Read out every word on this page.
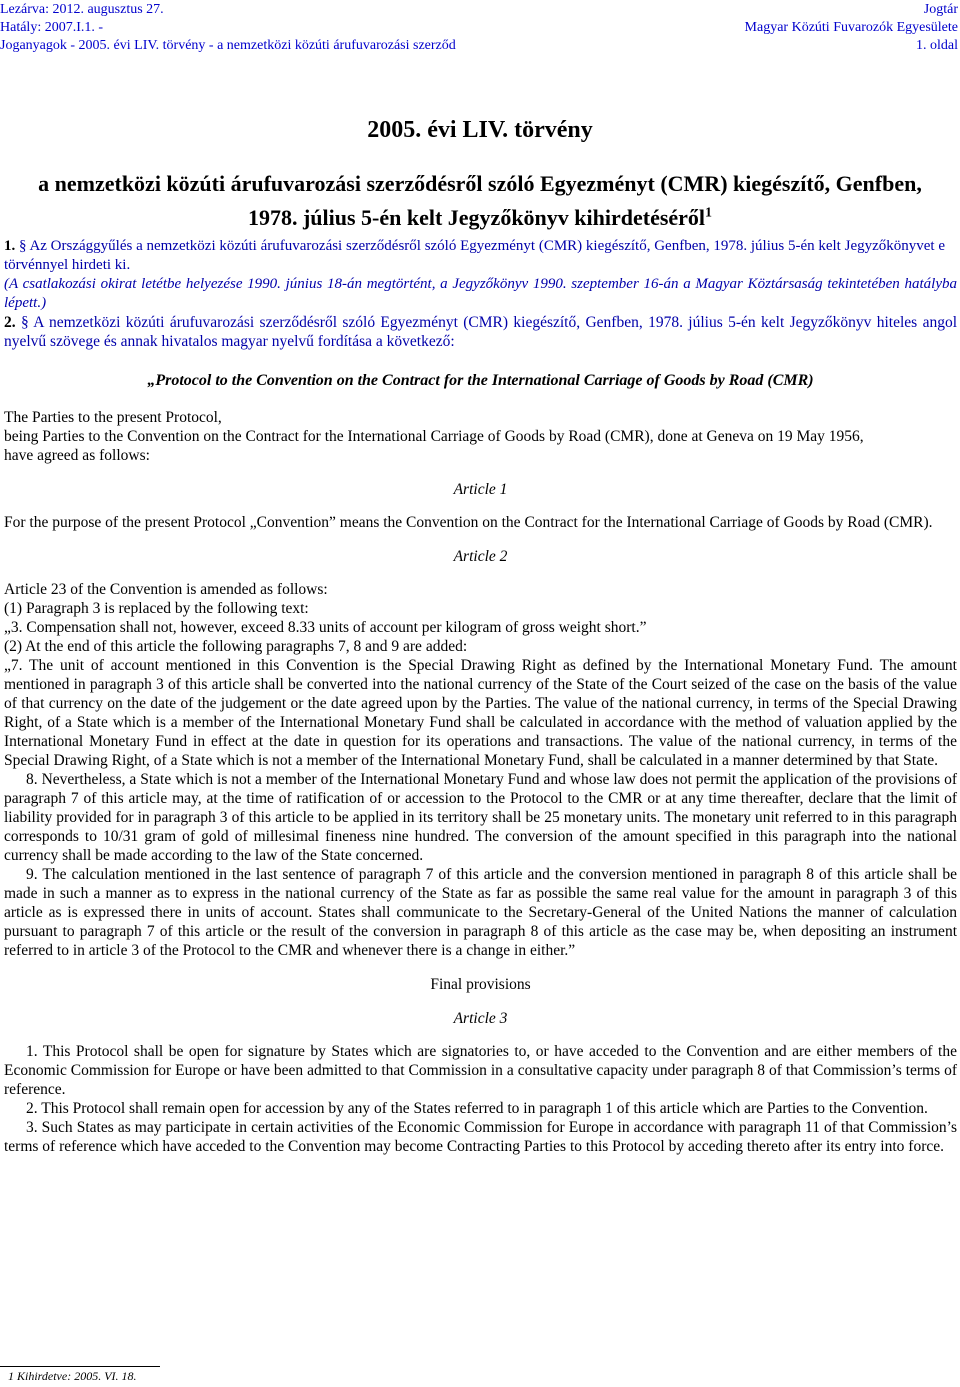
Lezárva: 2012. augusztus 27.
Hatály: 2007.I.1. -
Joganyagok - 2005. évi LIV. törvény - a nemzetközi közúti árufuvarozási szerződ
Jogtár
Magyar Közúti Fuvarozók Egyesülete
1. oldal
2005. évi LIV. törvény
a nemzetközi közúti árufuvarozási szerződésről szóló Egyezményt (CMR) kiegészítő, Genfben,
1978. július 5-én kelt Jegyzőkönyv kihirdetéséről$^1$

1. § Az Országgyűlés a nemzetközi közúti árufuvarozási szerződésről szóló Egyezményt (CMR) kiegészítő, Genfben, 1978. július 5-én kelt Jegyzőkönyvet e törvénnyel hirdeti ki.

(A csatlakozási okirat letétbe helyezése 1990. június 18-án megtörtént, a Jegyzőkönyv 1990. szeptember 16-án a Magyar Köztársaság tekintetében hatályba lépett.)

2. § A nemzetközi közúti árufuvarozási szerződésről szóló Egyezményt (CMR) kiegészítő, Genfben, 1978. július 5-én kelt Jegyzőkönyv hiteles angol nyelvű szövege és annak hivatalos magyar nyelvű fordítása a következő:

„Protocol to the Convention on the Contract for the International Carriage of Goods by Road (CMR)

The Parties to the present Protocol,

being Parties to the Convention on the Contract for the International Carriage of Goods by Road (CMR), done at Geneva on 19 May 1956,

have agreed as follows:

Article 1

For the purpose of the present Protocol „Convention” means the Convention on the Contract for the International Carriage of Goods by Road (CMR).

Article 2

Article 23 of the Convention is amended as follows:

(1) Paragraph 3 is replaced by the following text:

„3. Compensation shall not, however, exceed 8.33 units of account per kilogram of gross weight short.”

(2) At the end of this article the following paragraphs 7, 8 and 9 are added:

„7. The unit of account mentioned in this Convention is the Special Drawing Right as defined by the International Monetary Fund. The amount mentioned in paragraph 3 of this article shall be converted into the national currency of the State of the Court seized of the case on the basis of the value of that currency on the date of the judgement or the date agreed upon by the Parties. The value of the national currency, in terms of the Special Drawing Right, of a State which is a member of the International Monetary Fund shall be calculated in accordance with the method of valuation applied by the International Monetary Fund in effect at the date in question for its operations and transactions. The value of the national currency, in terms of the Special Drawing Right, of a State which is not a member of the International Monetary Fund, shall be calculated in a manner determined by that State.

8. Nevertheless, a State which is not a member of the International Monetary Fund and whose law does not permit the application of the provisions of paragraph 7 of this article may, at the time of ratification of or accession to the Protocol to the CMR or at any time thereafter, declare that the limit of liability provided for in paragraph 3 of this article to be applied in its territory shall be 25 monetary units. The monetary unit referred to in this paragraph corresponds to 10/31 gram of gold of millesimal fineness nine hundred. The conversion of the amount specified in this paragraph into the national currency shall be made according to the law of the State concerned.

9. The calculation mentioned in the last sentence of paragraph 7 of this article and the conversion mentioned in paragraph 8 of this article shall be made in such a manner as to express in the national currency of the State as far as possible the same real value for the amount in paragraph 3 of this article as is expressed there in units of account. States shall communicate to the Secretary-General of the United Nations the manner of calculation pursuant to paragraph 7 of this article or the result of the conversion in paragraph 8 of this article as the case may be, when depositing an instrument referred to in article 3 of the Protocol to the CMR and whenever there is a change in either.”

Final provisions

Article 3

1. This Protocol shall be open for signature by States which are signatories to, or have acceded to the Convention and are either members of the Economic Commission for Europe or have been admitted to that Commission in a consultative capacity under paragraph 8 of that Commission’s terms of reference.

2. This Protocol shall remain open for accession by any of the States referred to in paragraph 1 of this article which are Parties to the Convention.

3. Such States as may participate in certain activities of the Economic Commission for Europe in accordance with paragraph 11 of that Commission’s terms of reference which have acceded to the Convention may become Contracting Parties to this Protocol by acceding thereto after its entry into force.

1 Kihirdetve: 2005. VI. 18.
